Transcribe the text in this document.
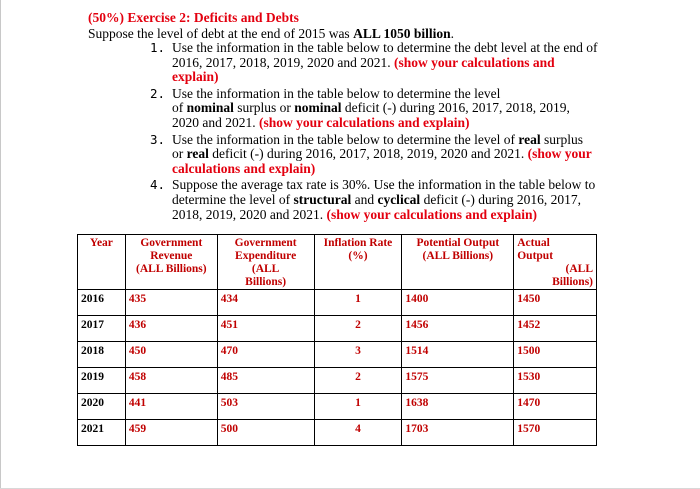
(50%) Exercise 2: Deficits and Debts
Suppose the level of debt at the end of 2015 was ALL 1050 billion.
1. Use the information in the table below to determine the debt level at the end of
2016, 2017, 2018, 2019, 2020 and 2021. (show your calculations and
explain)
2. Use the information in the table below to determine the level
of nominal surplus or nominal deficit (-) during 2016, 2017, 2018, 2019,
2020 and 2021. (show your calculations and explain)
3. Use the information in the table below to determine the level of real surplus
or real deficit (-) during 2016, 2017, 2018, 2019, 2020 and 2021. (show your
calculations and explain)
4. Suppose the average tax rate is 30%. Use the information in the table below to
determine the level of structural and cyclical deficit (-) during 2016, 2017,
2018, 2019, 2020 and 2021. (show your calculations and explain)
Year	Government
Revenue
(ALL Billions)	Government
Expenditure
(ALL
Billions)	Inflation Rate
(%)	Potential Output
(ALL Billions)	Actual
Output
(ALL
Billions)

2016	435	434	1	1400	1450
2017	436	451	2	1456	1452
2018	450	470	3	1514	1500
2019	458	485	2	1575	1530
2020	441	503	1	1638	1470
2021	459	500	4	1703	1570
